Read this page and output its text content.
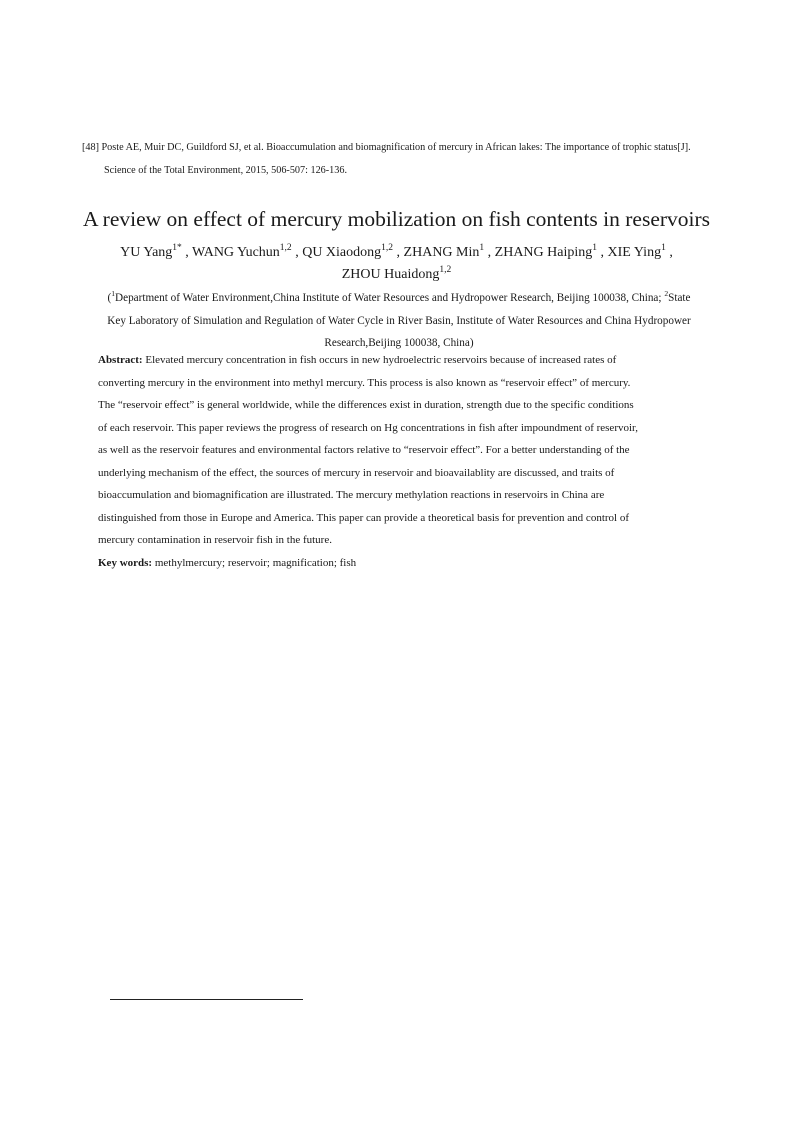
[48] Poste AE, Muir DC, Guildford SJ, et al. Bioaccumulation and biomagnification of mercury in African lakes: The importance of trophic status[J].
Science of the Total Environment, 2015, 506-507: 126-136.
A review on effect of mercury mobilization on fish contents in reservoirs
YU Yang$^{1*}$ , WANG Yuchun$^{1,2}$ , QU Xiaodong$^{1,2}$ , ZHANG Min$^1$ , ZHANG Haiping$^1$ , XIE Ying$^1$ ,
ZHOU Huaidong$^{1,2}$
($^1$Department of Water Environment,China Institute of Water Resources and Hydropower Research, Beijing 100038, China; $^2$State
Key Laboratory of Simulation and Regulation of Water Cycle in River Basin, Institute of Water Resources and China Hydropower
Research,Beijing 100038, China)
Abstract: Elevated mercury concentration in fish occurs in new hydroelectric reservoirs because of increased rates of
converting mercury in the environment into methyl mercury. This process is also known as “reservoir effect” of mercury.
The “reservoir effect” is general worldwide, while the differences exist in duration, strength due to the specific conditions
of each reservoir. This paper reviews the progress of research on Hg concentrations in fish after impoundment of reservoir,
as well as the reservoir features and environmental factors relative to “reservoir effect”. For a better understanding of the
underlying mechanism of the effect, the sources of mercury in reservoir and bioavailablity are discussed, and traits of
bioaccumulation and biomagnification are illustrated. The mercury methylation reactions in reservoirs in China are
distinguished from those in Europe and America. This paper can provide a theoretical basis for prevention and control of
mercury contamination in reservoir fish in the future.
Key words: methylmercury; reservoir; magnification; fish
